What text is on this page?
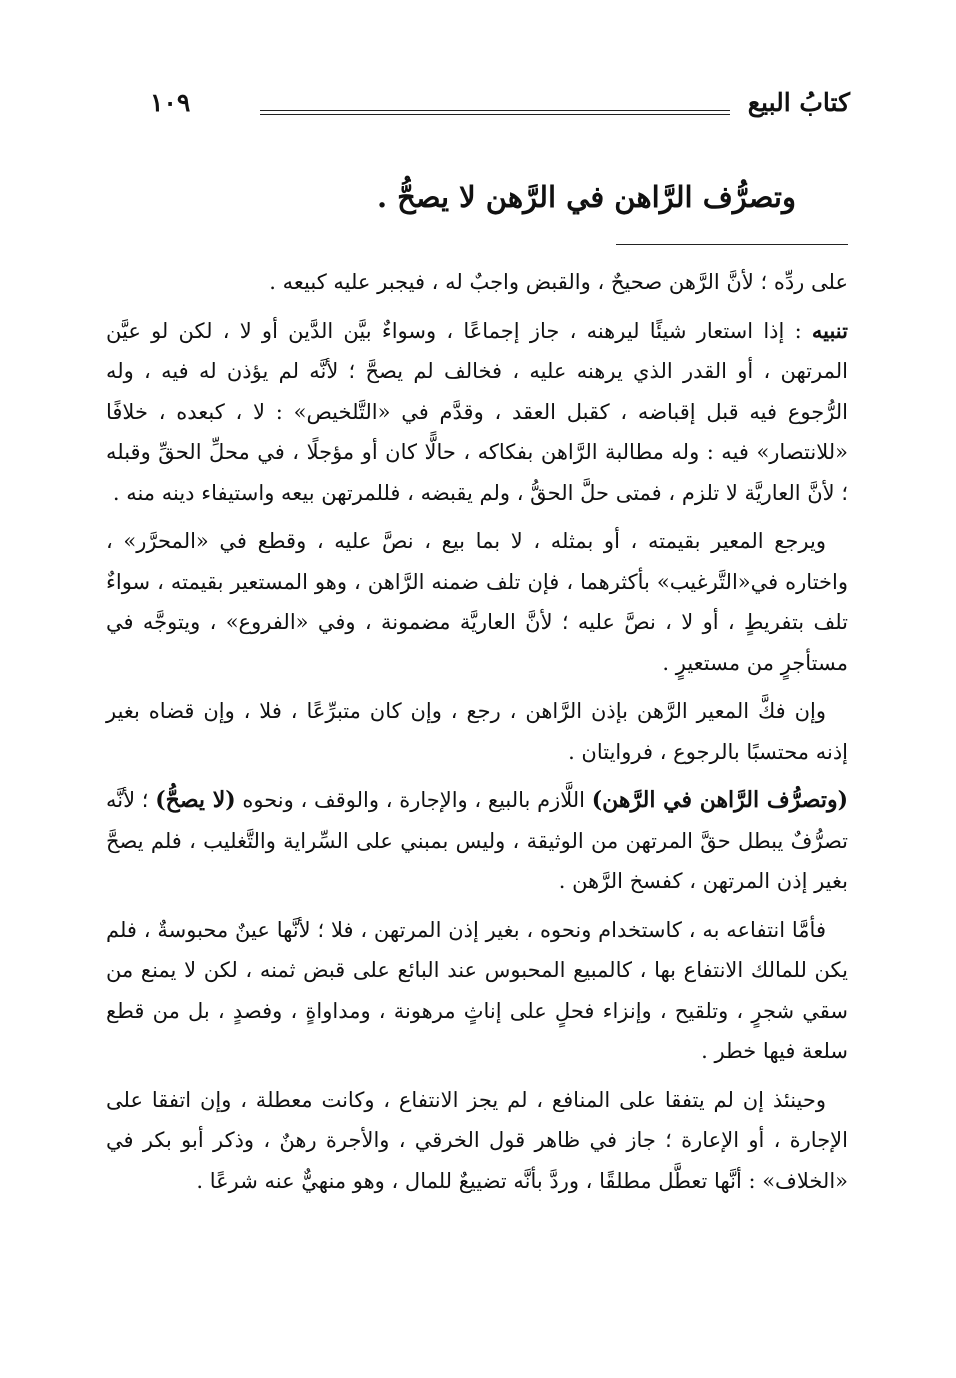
كتابُ البيع
١٠٩
وتصرُّف الرَّاهن في الرَّهن لا يصحُّ .

على ردِّه ؛ لأنَّ الرَّهن صحيحٌ ، والقبض واجبٌ له ، فيجبر عليه كبيعه .

تنبيه : إذا استعار شيئًا ليرهنه ، جاز إجماعًا ، وسواءٌ بيَّن الدَّين أو لا ، لكن لو عيَّن المرتهن ، أو القدر الذي يرهنه عليه ، فخالف لم يصحَّ ؛ لأنَّه لم يؤذن له فيه ، وله الرُّجوع فيه قبل إقباضه ، كقبل العقد ، وقدَّم في «التَّلخيص» : لا ، كبعده ، خلافًا «للانتصار» فيه : وله مطالبة الرَّاهن بفكاكه ، حالًّا كان أو مؤجلًا ، في محلِّ الحقِّ وقبله ؛ لأنَّ العاريَّة لا تلزم ، فمتى حلَّ الحقُّ ، ولم يقبضه ، فللمرتهن بيعه واستيفاء دينه منه .

ويرجع المعير بقيمته ، أو بمثله ، لا بما بيع ، نصَّ عليه ، وقطع في «المحرَّر» ، واختاره في«التَّرغيب» بأكثرهما ، فإن تلف ضمنه الرَّاهن ، وهو المستعير بقيمته ، سواءٌ تلف بتفريطٍ ، أو لا ، نصَّ عليه ؛ لأنَّ العاريَّة مضمونة ، وفي «الفروع» ، ويتوجَّه في مستأجرٍ من مستعيرٍ .

وإن فكَّ المعير الرَّهن بإذن الرَّاهن ، رجع ، وإن كان متبرِّعًا ، فلا ، وإن قضاه بغير إذنه محتسبًا بالرجوع ، فروايتان .

(وتصرُّف الرَّاهن في الرَّهن) اللَّازم بالبيع ، والإجارة ، والوقف ، ونحوه (لا يصحُّ) ؛ لأنَّه تصرُّفٌ يبطل حقَّ المرتهن من الوثيقة ، وليس بمبني على السِّراية والتَّغليب ، فلم يصحَّ بغير إذن المرتهن ، كفسخ الرَّهن .

فأمَّا انتفاعه به ، كاستخدام ونحوه ، بغير إذن المرتهن ، فلا ؛ لأنَّها عينٌ محبوسةٌ ، فلم يكن للمالك الانتفاع بها ، كالمبيع المحبوس عند البائع على قبض ثمنه ، لكن لا يمنع من سقي شجرٍ ، وتلقيح ، وإنزاء فحلٍ على إناثٍ مرهونة ، ومداواةٍ ، وفصدٍ ، بل من قطع سلعة فيها خطر .

وحينئذ إن لم يتفقا على المنافع ، لم يجز الانتفاع ، وكانت معطلة ، وإن اتفقا على الإجارة ، أو الإعارة ؛ جاز في ظاهر قول الخرقي ، والأجرة رهنٌ ، وذكر أبو بكر في «الخلاف» : أنَّها تعطَّل مطلقًا ، وردَّ بأنَّه تضييعٌ للمال ، وهو منهيٌّ عنه شرعًا .
